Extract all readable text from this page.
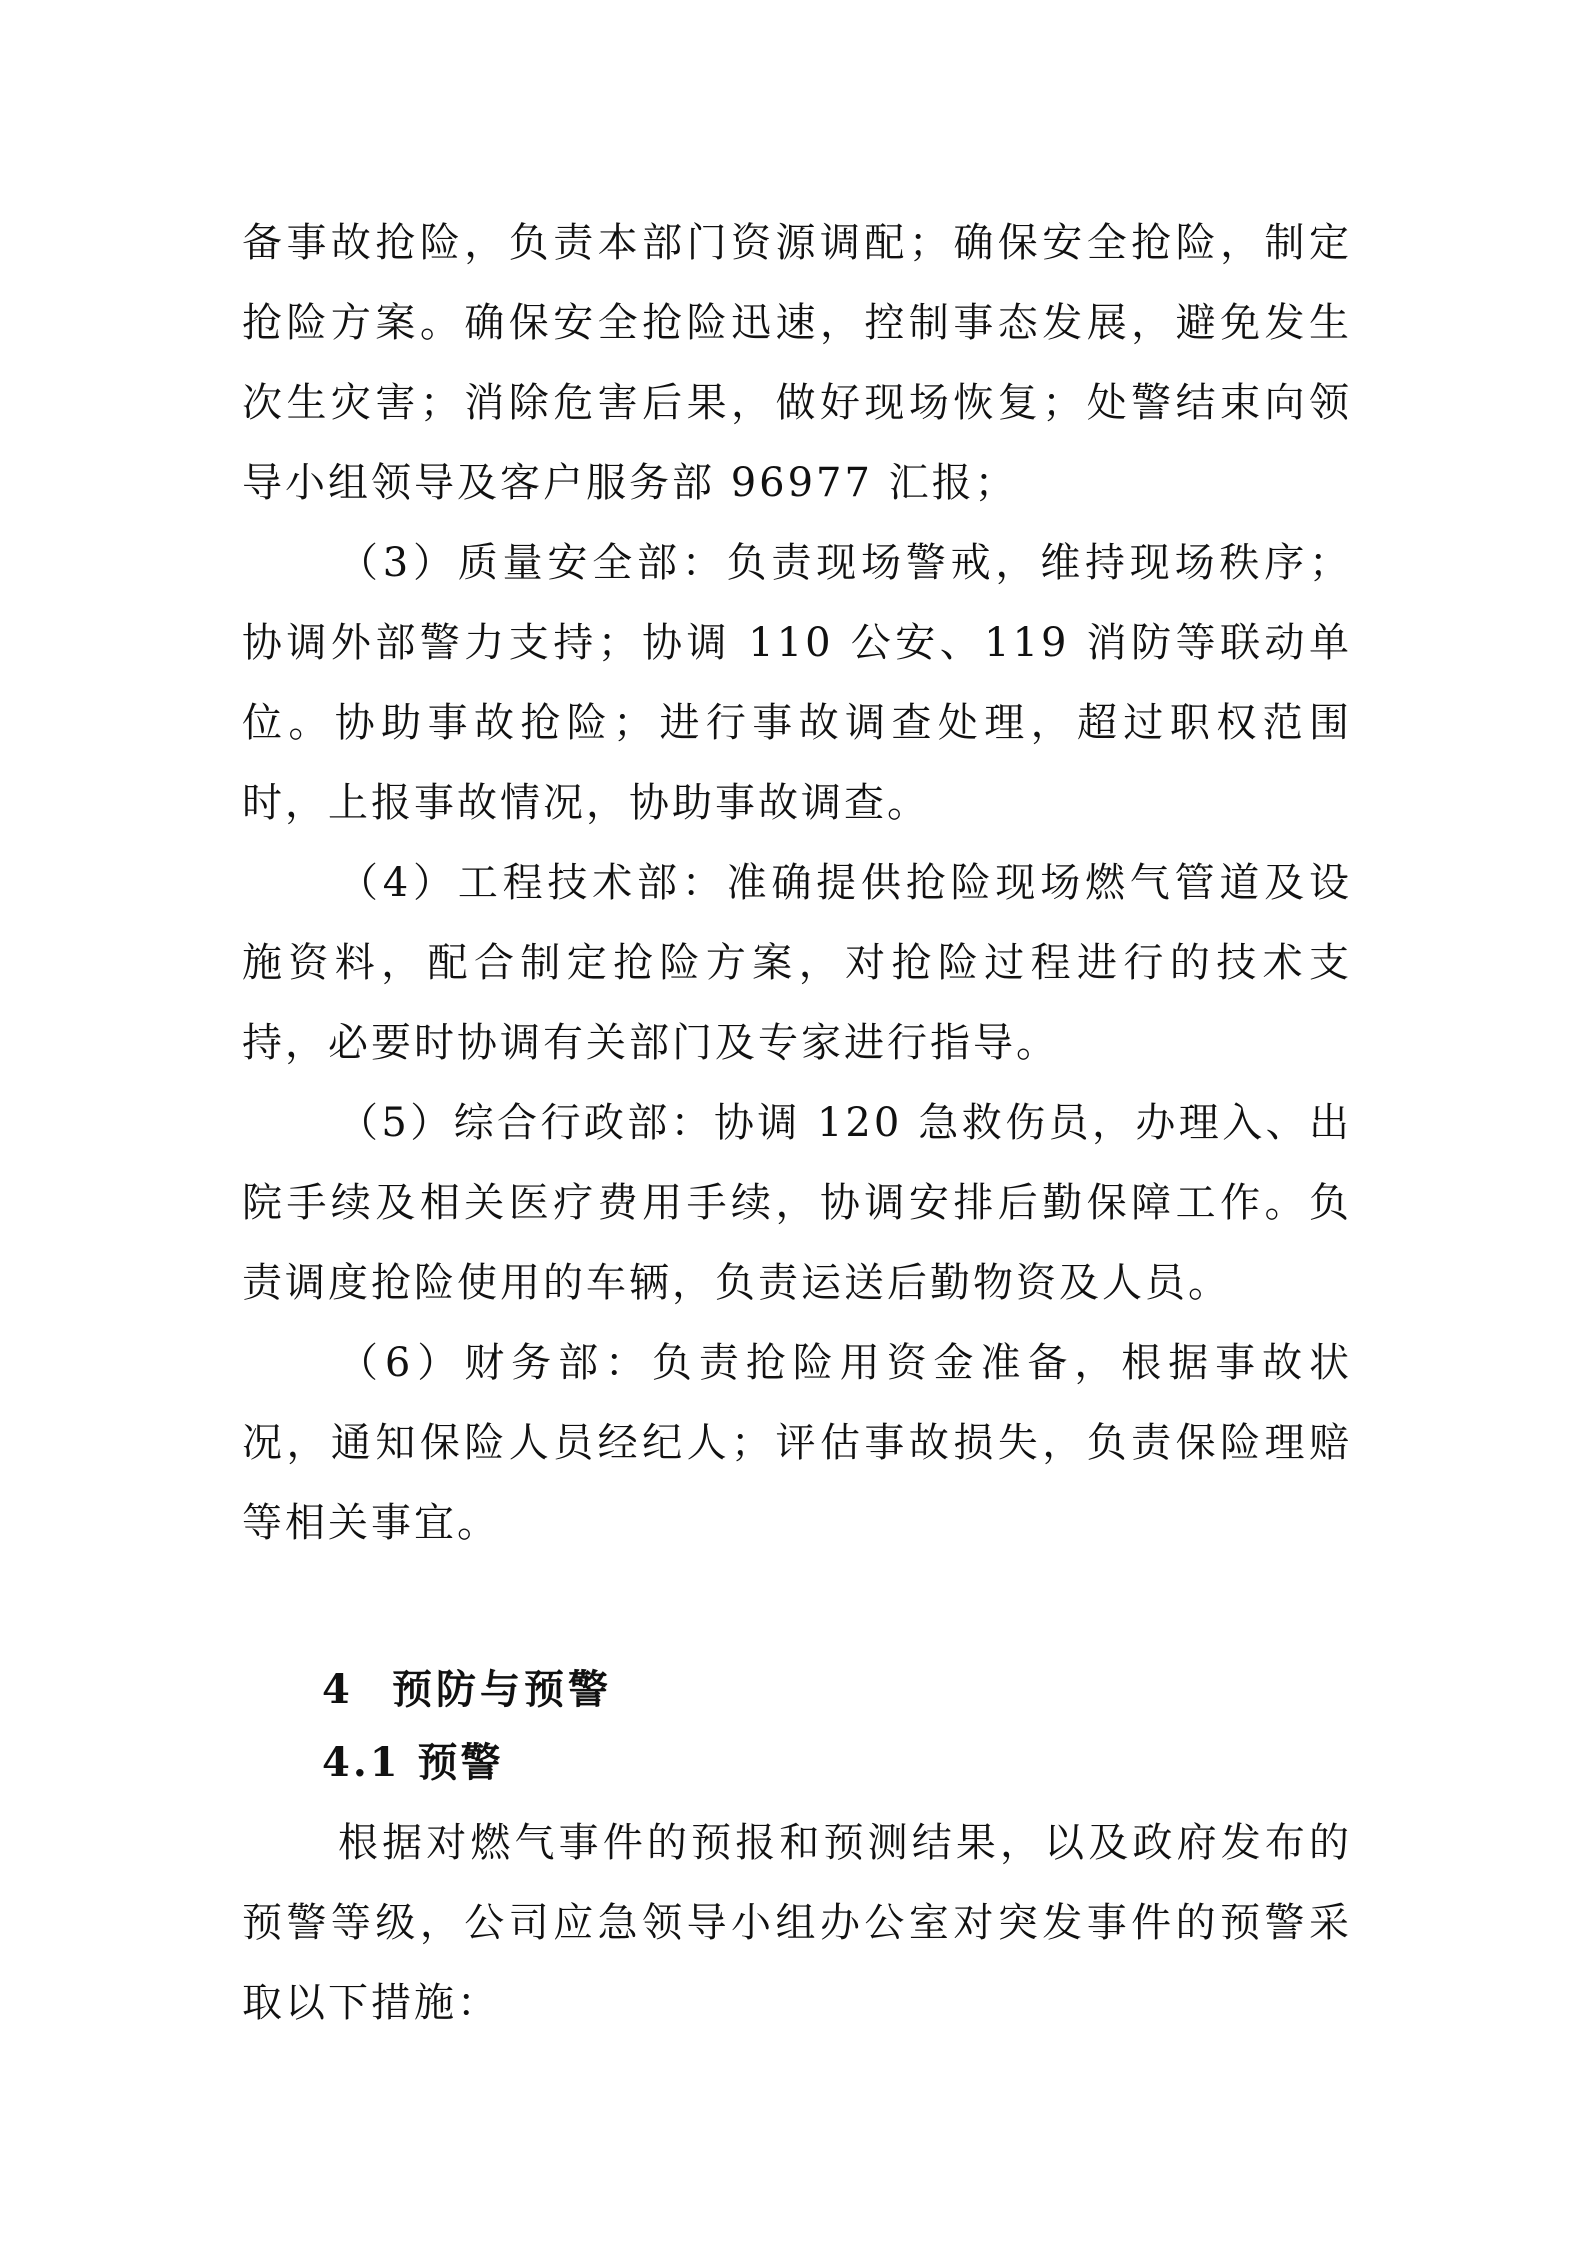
备事故抢险，负责本部门资源调配；确保安全抢险，制定抢险方案。确保安全抢险迅速，控制事态发展，避免发生次生灾害；消除危害后果，做好现场恢复；处警结束向领导小组领导及客户服务部 96977 汇报；

（3）质量安全部：负责现场警戒，维持现场秩序；协调外部警力支持；协调 110 公安、119 消防等联动单位。协助事故抢险；进行事故调查处理，超过职权范围时，上报事故情况，协助事故调查。

（4）工程技术部：准确提供抢险现场燃气管道及设施资料，配合制定抢险方案，对抢险过程进行的技术支持，必要时协调有关部门及专家进行指导。

（5）综合行政部：协调 120 急救伤员，办理入、出院手续及相关医疗费用手续，协调安排后勤保障工作。负责调度抢险使用的车辆，负责运送后勤物资及人员。

（6）财务部：负责抢险用资金准备，根据事故状况，通知保险人员经纪人；评估事故损失，负责保险理赔等相关事宜。

4 预防与预警
4.1 预警

根据对燃气事件的预报和预测结果，以及政府发布的预警等级，公司应急领导小组办公室对突发事件的预警采取以下措施：
